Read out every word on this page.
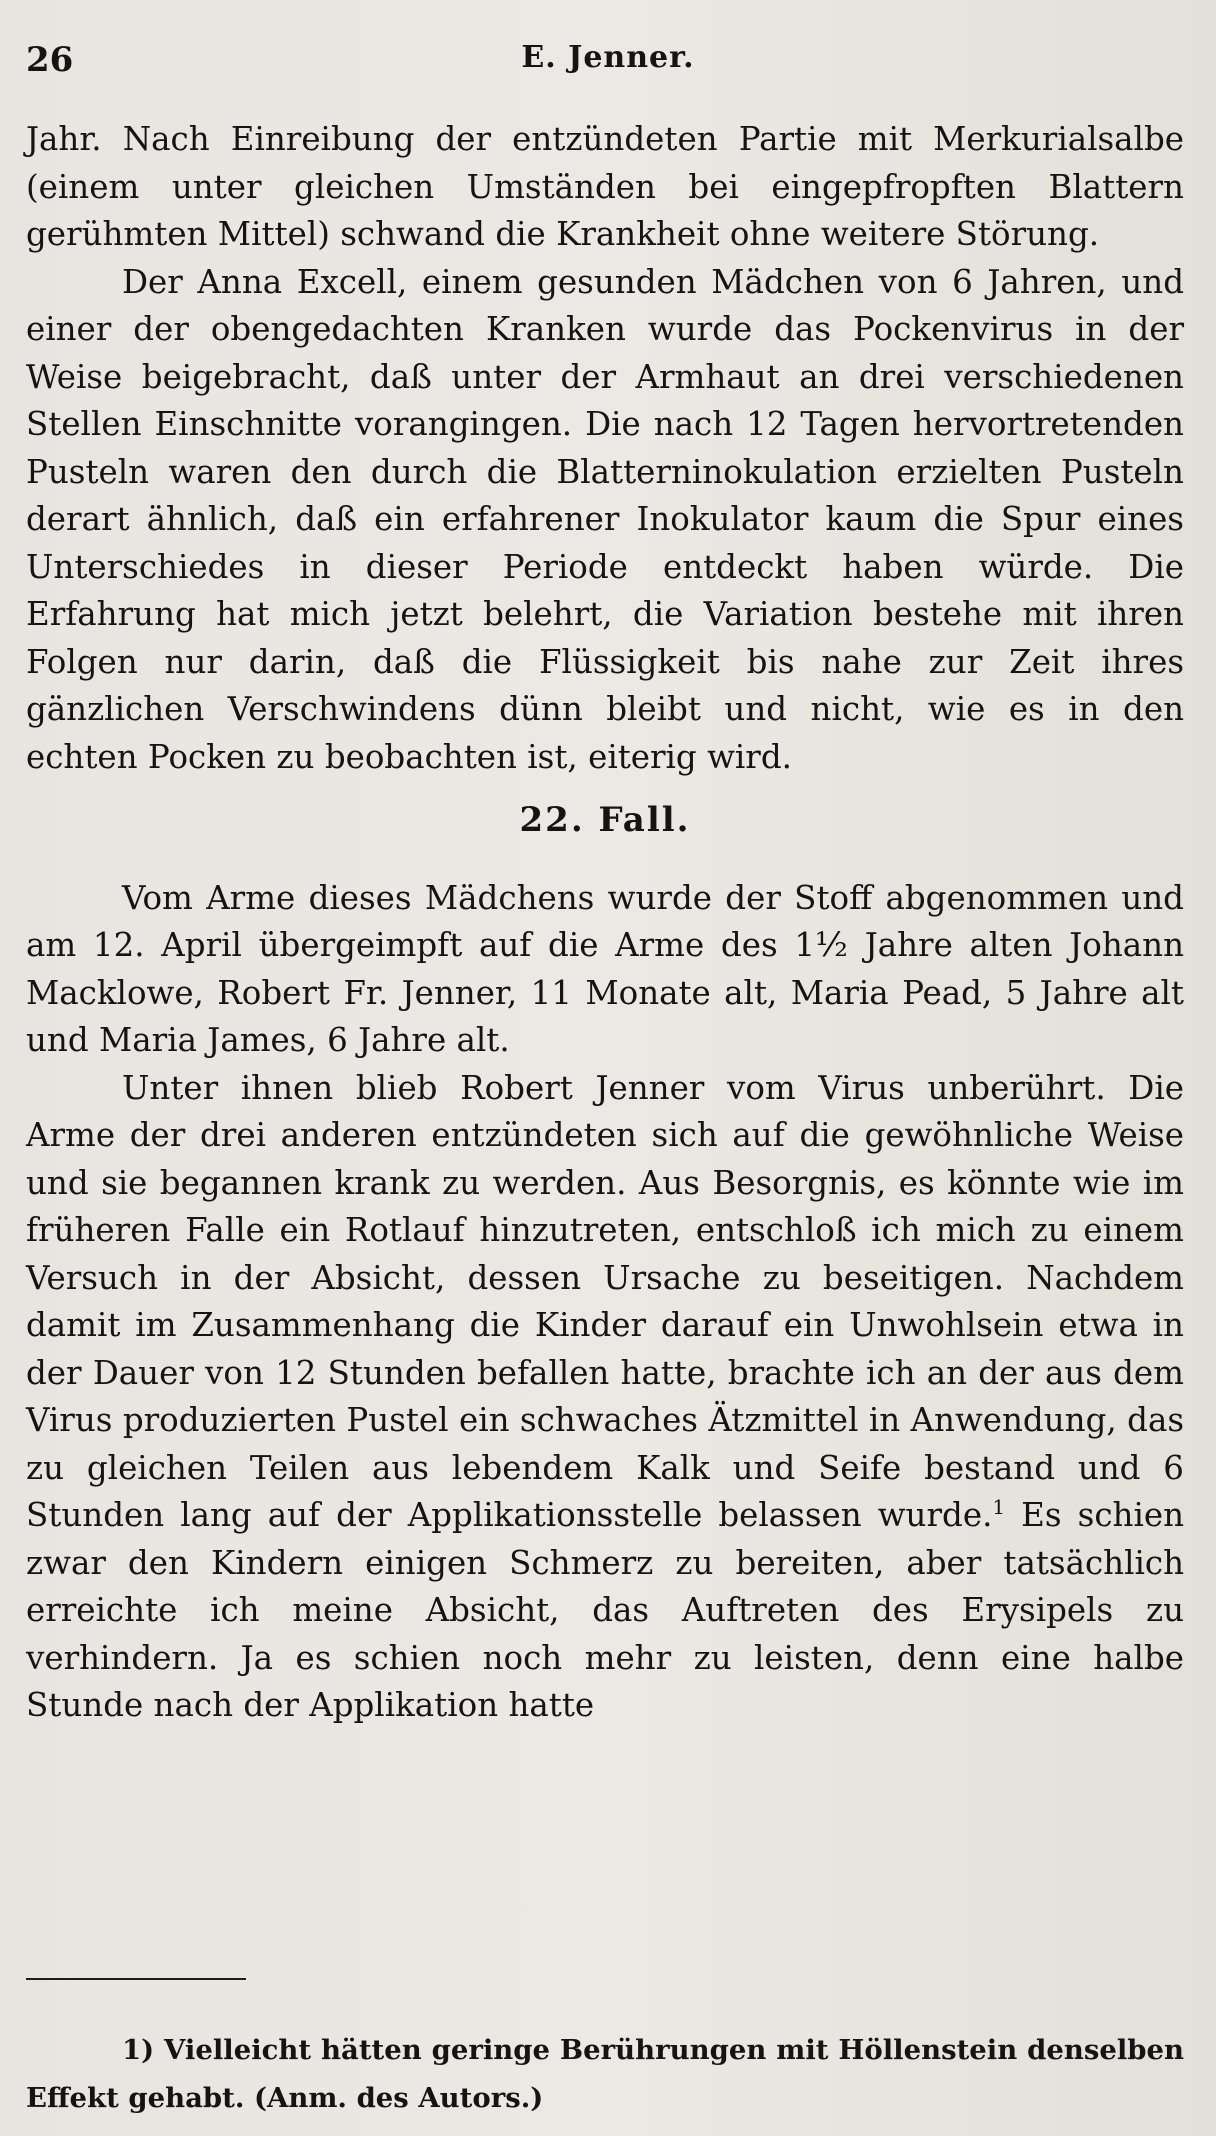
26	E. Jenner.

Jahr. Nach Einreibung der entzündeten Partie mit Merkurialsalbe (einem unter gleichen Umständen bei eingepfropften Blattern gerühmten Mittel) schwand die Krankheit ohne weitere Störung.

Der Anna Excell, einem gesunden Mädchen von 6 Jahren, und einer der obengedachten Kranken wurde das Pockenvirus in der Weise beigebracht, daß unter der Armhaut an drei verschiedenen Stellen Einschnitte vorangingen. Die nach 12 Tagen hervortretenden Pusteln waren den durch die Blatterninokulation erzielten Pusteln derart ähnlich, daß ein erfahrener Inokulator kaum die Spur eines Unterschiedes in dieser Periode entdeckt haben würde. Die Erfahrung hat mich jetzt belehrt, die Variation bestehe mit ihren Folgen nur darin, daß die Flüssigkeit bis nahe zur Zeit ihres gänzlichen Verschwindens dünn bleibt und nicht, wie es in den echten Pocken zu beobachten ist, eiterig wird.

22. Fall.

Vom Arme dieses Mädchens wurde der Stoff abgenommen und am 12. April übergeimpft auf die Arme des 1½ Jahre alten Johann Macklowe, Robert Fr. Jenner, 11 Monate alt, Maria Pead, 5 Jahre alt und Maria James, 6 Jahre alt.

Unter ihnen blieb Robert Jenner vom Virus unberührt. Die Arme der drei anderen entzündeten sich auf die gewöhnliche Weise und sie begannen krank zu werden. Aus Besorgnis, es könnte wie im früheren Falle ein Rotlauf hinzutreten, entschloß ich mich zu einem Versuch in der Absicht, dessen Ursache zu beseitigen. Nachdem damit im Zusammenhang die Kinder darauf ein Unwohlsein etwa in der Dauer von 12 Stunden befallen hatte, brachte ich an der aus dem Virus produzierten Pustel ein schwaches Ätzmittel in Anwendung, das zu gleichen Teilen aus lebendem Kalk und Seife bestand und 6 Stunden lang auf der Applikationsstelle belassen wurde.$^1$ Es schien zwar den Kindern einigen Schmerz zu bereiten, aber tatsächlich erreichte ich meine Absicht, das Auftreten des Erysipels zu verhindern. Ja es schien noch mehr zu leisten, denn eine halbe Stunde nach der Applikation hatte

1) Vielleicht hätten geringe Berührungen mit Höllenstein denselben Effekt gehabt. (Anm. des Autors.)
